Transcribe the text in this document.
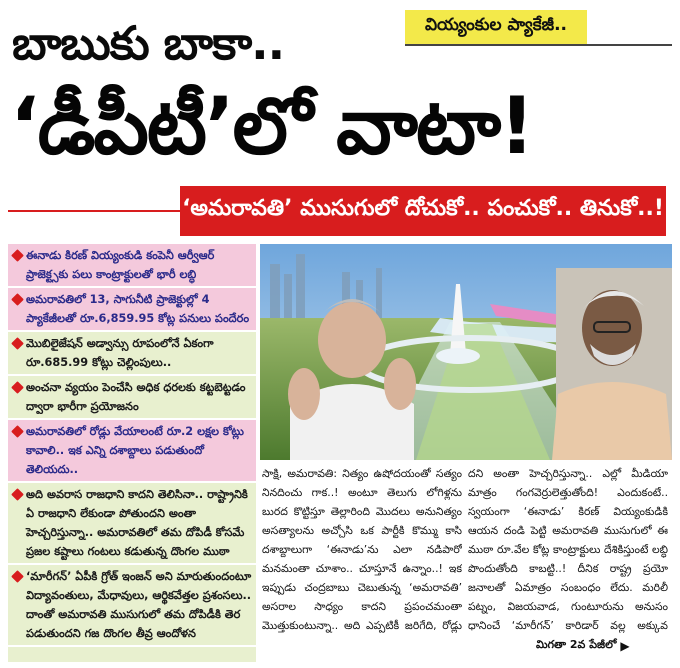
వియ్యంకుల ప్యాకేజీ..
బాబుకు బాకా..
‘డీపీటీ’లో వాటా!
‘అమరావతి’ ముసుగులో దోచుకో.. పంచుకో.. తినుకో..!
ఈనాడు కిరణ్ వియ్యంకుడి కంపెనీ ఆర్వీఆర్ ప్రాజెక్ట్సకు పలు కాంట్రాక్టులతో భారీ లబ్ధి
అమరావతిలో 13, సాగునీటి ప్రాజెక్టుల్లో 4 ప్యాకేజీలతో రూ.6,859.95 కోట్ల పనులు పందేరం
మొబిలైజేషన్ అడ్వాన్సు రూపంలోనే ఏకంగా రూ.685.99 కోట్లు చెల్లింపులు..
అంచనా వ్యయం పెంచేసి అధిక ధరలకు కట్టబెట్టడం ద్వారా భారీగా ప్రయోజనం
అమరావతిలో రోడ్లు వేయాలంటే రూ.2 లక్షల కోట్లు కావాలి.. ఇక ఎన్ని దశాబ్దాలు పడుతుందో తెలియదు..
అది అవరాస రాజధాని కాదని తెలిసినా.. రాష్ట్రానికి ఏ రాజధాని లేకుండా పోతుందని అంతా హెచ్చరిస్తున్నా.. అమరావతిలో తమ దోపిడీ కోసమే ప్రజల కష్టాలు గంటలు కడుతున్న దొంగల ముఠా
‘మారీగన్’ ఏపీకి గ్రోత్ ఇంజన్ అని మారుతుందంటూ విద్యావంతులు, మేధావులు, ఆర్థికవేత్తల ప్రశంసలు.. దాంతో అమరావతి ముసుగులో తమ దోపిడీకి తెర పడుతుందని గజ దొంగల తీవ్ర ఆందోళన
సాక్షి, అమరావతి: నిత్యం ఉషోదయంతో సత్యం నినదించు గాక..! అంటూ తెలుగు లోగిళ్లను బురద కొట్టిస్తూ తెల్లారింది మొదలు అనునిత్యం అసత్యాలను అచ్చోసి ఒక పార్టీకి కొమ్ము కాసి దశాబ్దాలుగా ‘ఈనాడు’ను ఎలా నడిపారో మనమంతా చూశాం.. చూస్తూనే ఉన్నాం..! ఇక ఇప్పుడు చంద్రబాబు చెబుతున్న ‘అమరావతి’ అసరాల సాధ్యం కాదని ప్రపంచమంతా మొత్తుకుంటున్నా.. అది ఎప్పటికీ జరిగేది, రోడ్లు
దని అంతా హెచ్చరిస్తున్నా.. ఎల్లో మీడియా మాత్రం గంగవెర్రులెత్తుతోంది! ఎందుకంటే.. స్వయంగా ‘ఈనాడు’ కిరణ్ వియ్యంకుడికి ఆయన దండి పెట్టి అమరావతి ముసుగులో ఈ ముఠా రూ.వేల కోట్ల కాంట్రాక్టులు దేశికిస్తుంటే లబ్ధి పొందుతోంది కాబట్టి..! దీనిక రాష్ట్ర ప్రయో జనాలతో ఏమాత్రం సంబంధం లేదు. మరిలీ పట్నం, విజయవాడ, గుంటూరును అనుసం ధానించే ‘మారీగన్’ కారిడార్ వల్ల అక్కువ
మిగతా 2వ పేజీలో ▶
